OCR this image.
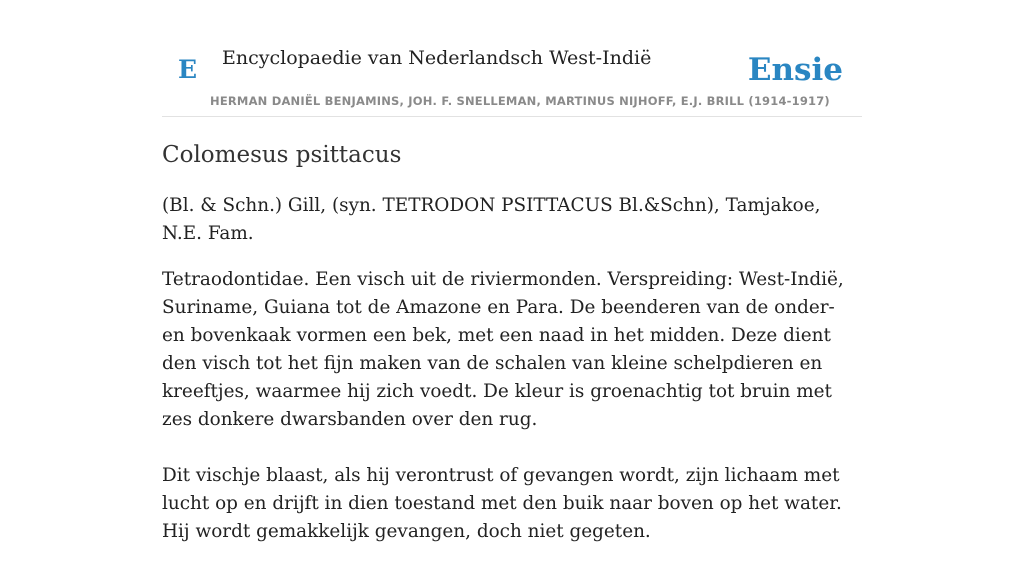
E Encyclopaedie van Nederlandsch West-Indië	Ensie
HERMAN DANIËL BENJAMINS, JOH. F. SNELLEMAN, MARTINUS NIJHOFF, E.J. BRILL (1914-1917)
Colomesus psittacus

(Bl. & Schn.) Gill, (syn. TETRODON PSITTACUS Bl.&Schn), Tamjakoe, N.E. Fam.

Tetraodontidae. Een visch uit de riviermonden. Verspreiding: West-Indië, Suriname, Guiana tot de Amazone en Para. De beenderen van de onder- en bovenkaak vormen een bek, met een naad in het midden. Deze dient den visch tot het fijn maken van de schalen van kleine schelpdieren en kreeftjes, waarmee hij zich voedt. De kleur is groenachtig tot bruin met zes donkere dwarsbanden over den rug.

Dit vischje blaast, als hij verontrust of gevangen wordt, zijn lichaam met lucht op en drijft in dien toestand met den buik naar boven op het water. Hij wordt gemakkelijk gevangen, doch niet gegeten.
